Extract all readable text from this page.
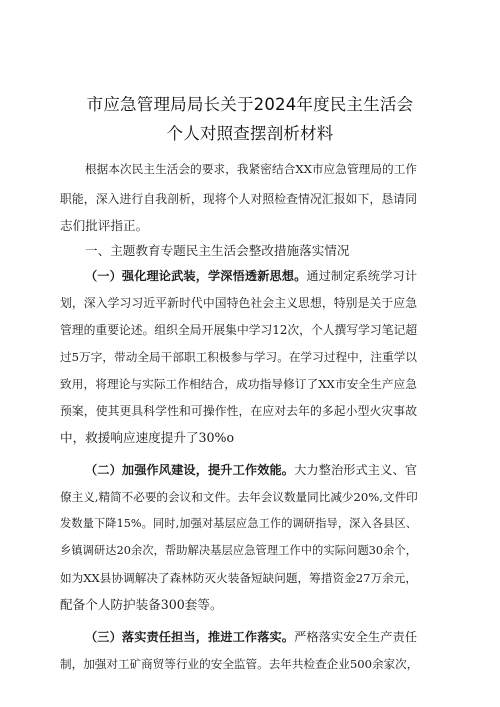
市应急管理局局长关于2024年度民主生活会
个人对照查摆剖析材料
根据本次民主生活会的要求，我紧密结合XX市应急管理局的工作
职能，深入进行自我剖析，现将个人对照检查情况汇报如下，恳请同
志们批评指正。
一、主题教育专题民主生活会整改措施落实情况
（一）强化理论武装，学深悟透新思想。通过制定系统学习计
划，深入学习习近平新时代中国特色社会主义思想，特别是关于应急
管理的重要论述。组织全局开展集中学习12次，个人撰写学习笔记超
过5万字，带动全局干部职工积极参与学习。在学习过程中，注重学以
致用，将理论与实际工作相结合，成功指导修订了XX市安全生产应急
预案，使其更具科学性和可操作性，在应对去年的多起小型火灾事故
中，救援响应速度提升了30%o
（二）加强作风建设，提升工作效能。大力整治形式主义、官
僚主义,精简不必要的会议和文件。去年会议数量同比减少20%,文件印
发数量下降15%。同时,加强对基层应急工作的调研指导，深入各县区、
乡镇调研达20余次，帮助解决基层应急管理工作中的实际问题30余个，
如为XX县协调解决了森林防灭火装备短缺问题，筹措资金27万余元，
配备个人防护装备300套等。
（三）落实责任担当，推进工作落实。严格落实安全生产责任
制，加强对工矿商贸等行业的安全监管。去年共检查企业500余家次，
